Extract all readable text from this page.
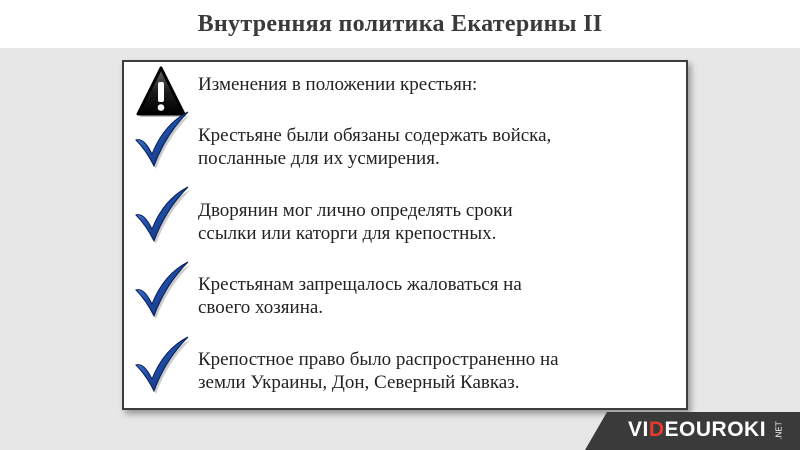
Внутренняя политика Екатерины II
Изменения в положении крестьян:
Крестьяне были обязаны содержать войска,
посланные для их усмирения.
Дворянин мог лично определять сроки
ссылки или каторги для крепостных.
Крестьянам запрещалось жаловаться на
своего хозяина.
Крепостное право было распространенно на
земли Украины, Дон, Северный Кавказ.
VIDEOUROKI .NET
